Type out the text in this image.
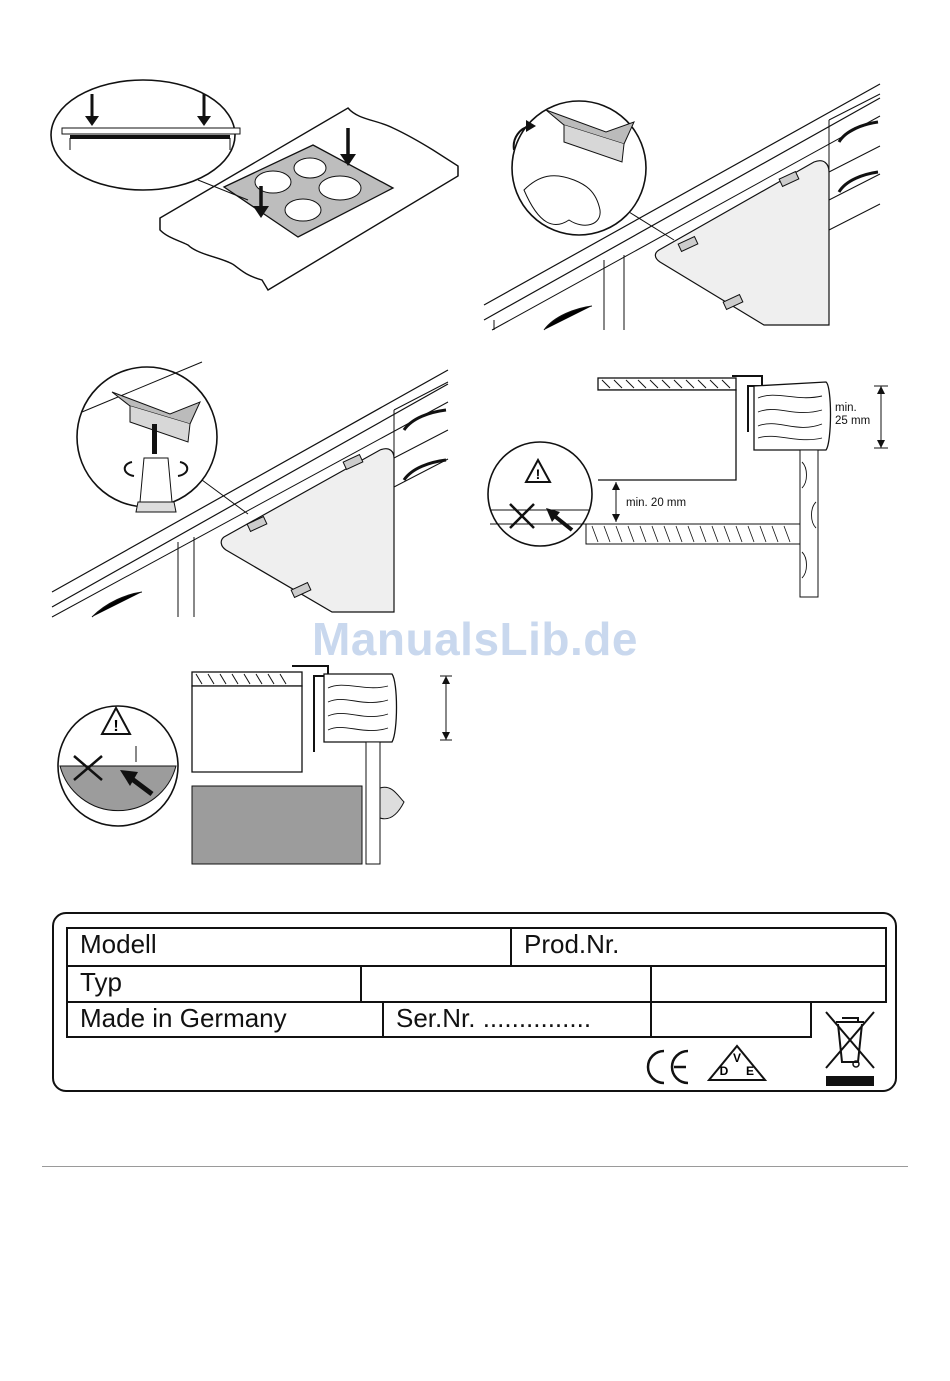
!
min.
25 mm
min. 20 mm
ManualsLib.de
!
Modell	Prod.Nr.
Typ
Made in Germany	Ser.Nr. ...............
V
D E
